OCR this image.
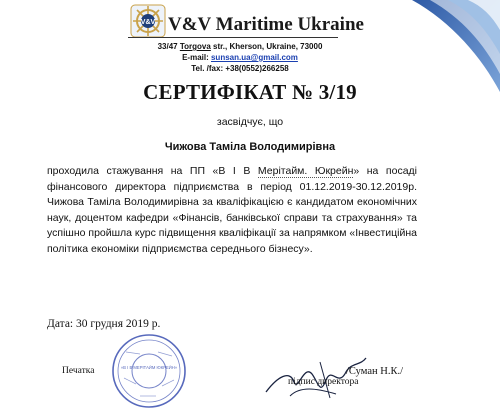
V&V V&V Maritime Ukraine
33/47 Torgova str., Kherson, Ukraine, 73000
E-mail: sunsan.ua@gmail.com
Tel. /fax: +38(0552)266258
СЕРТИФІКАТ № 3/19
засвідчує, що
Чижова Таміла Володимирівна
проходила стажування на ПП «В І В Мерітайм. Юкрейн» на посаді
фінансового директора підприємства в період 01.12.2019-30.12.2019р.
Чижова Таміла Володимирівна за кваліфікацією є кандидатом економічних
наук, доцентом кафедри «Фінансів, банківської справи та страхування» та
успішно пройшла курс підвищення кваліфікації за напрямком «Інвестиційна
політика економіки підприємства середнього бізнесу».
Дата: 30 грудня 2019 р.
Печатка	«В І В МЕРІТАЙМ ЮКРЕЙН»	/Суман Н.К./
підпис директора
